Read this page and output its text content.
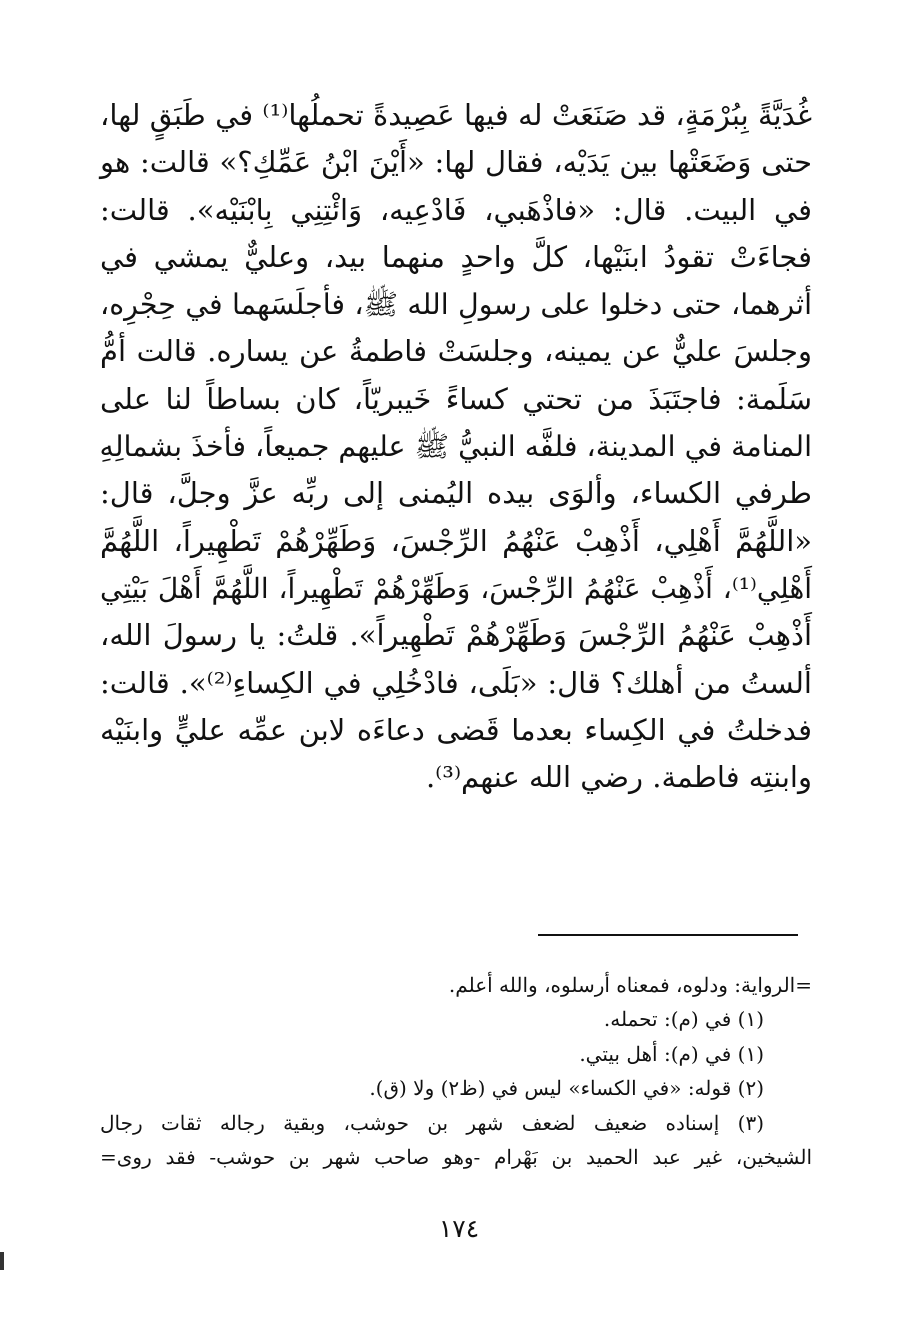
غُدَيَّةً بِبُرْمَةٍ، قد صَنَعَتْ له فيها عَصِيدةً تحملُها⁽¹⁾ في طَبَقٍ لها،
حتى وَضَعَتْها بين يَدَيْه، فقال لها: «أَيْنَ ابْنُ عَمِّكِ؟» قالت: هو
في البيت. قال: «فاذْهَبي، فَادْعِيه، وَائْتِنِي بِابْنَيْه». قالت:
فجاءَتْ تقودُ ابنَيْها، كلَّ واحدٍ منهما بيد، وعليٌّ يمشي في
أثرهما، حتى دخلوا على رسولِ الله ﷺ، فأجلَسَهما في حِجْرِه،
وجلسَ عليٌّ عن يمينه، وجلسَتْ فاطمةُ عن يساره. قالت أمُّ
سَلَمة: فاجتَبَذَ من تحتي كساءً خَيبريّاً، كان بساطاً لنا على
المنامة في المدينة، فلفَّه النبيُّ ﷺ عليهم جميعاً، فأخذَ بشمالِهِ
طرفي الكساء، وألوَى بيده اليُمنى إلى ربِّه عزَّ وجلَّ، قال:
«اللَّهُمَّ أَهْلِي، أَذْهِبْ عَنْهُمُ الرِّجْسَ، وَطَهِّرْهُمْ تَطْهِيراً، اللَّهُمَّ
أَهْلِي⁽¹⁾، أَذْهِبْ عَنْهُمُ الرِّجْسَ، وَطَهِّرْهُمْ تَطْهِيراً، اللَّهُمَّ أَهْلَ بَيْتِي
أَذْهِبْ عَنْهُمُ الرِّجْسَ وَطَهِّرْهُمْ تَطْهِيراً». قلتُ: يا رسولَ الله،
ألستُ من أهلك؟ قال: «بَلَى، فادْخُلِي في الكِساءِ⁽²⁾». قالت:
فدخلتُ في الكِساء بعدما قَضى دعاءَه لابن عمِّه عليٍّ وابنَيْه
وابنتِه فاطمة. رضي الله عنهم⁽³⁾.
=الرواية: ودلوه، فمعناه أرسلوه، والله أعلم.
(١) في (م): تحمله.
(١) في (م): أهل بيتي.
(٢) قوله: «في الكساء» ليس في (ظ٢) ولا (ق).
(٣) إسناده ضعيف لضعف شهر بن حوشب، وبقية رجاله ثقات رجال
الشيخين، غير عبد الحميد بن بَهْرام -وهو صاحب شهر بن حوشب- فقد روى=
١٧٤
